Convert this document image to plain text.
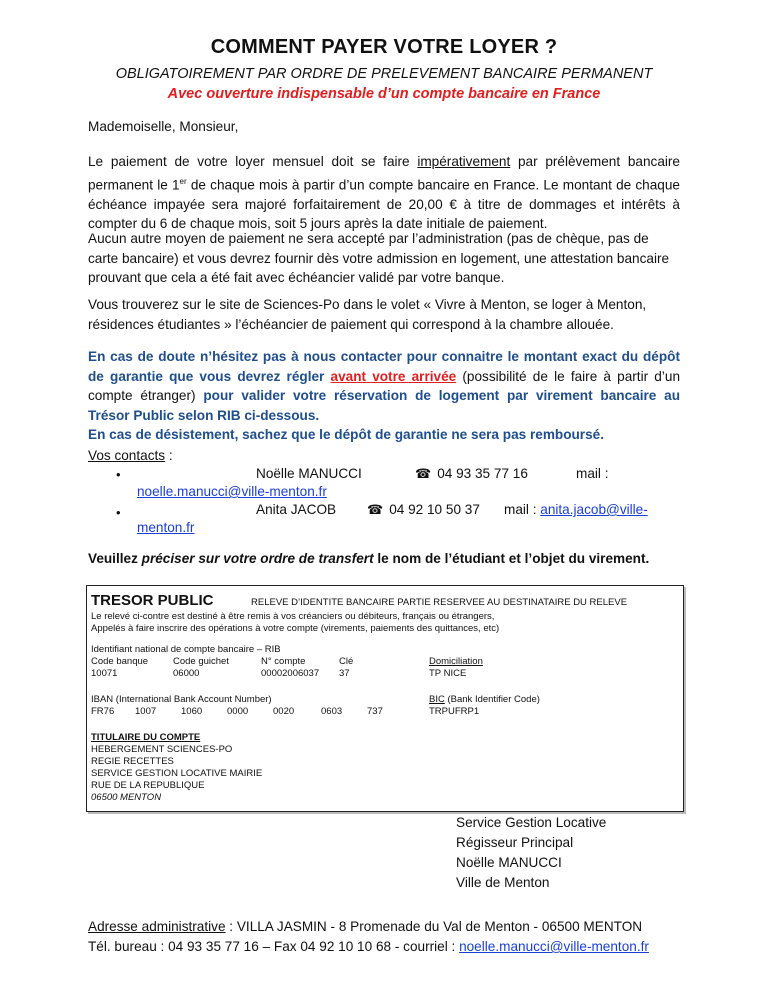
COMMENT PAYER VOTRE LOYER ?
OBLIGATOIREMENT PAR ORDRE DE PRELEVEMENT BANCAIRE PERMANENT
Avec ouverture indispensable d’un compte bancaire en France
Mademoiselle, Monsieur,
Le paiement de votre loyer mensuel doit se faire impérativement par prélèvement bancaire permanent le 1er de chaque mois à partir d’un compte bancaire en France. Le montant de chaque échéance impayée sera majoré forfaitairement de 20,00 € à titre de dommages et intérêts à compter du 6 de chaque mois, soit 5 jours après la date initiale de paiement.
Aucun autre moyen de paiement ne sera accepté par l’administration (pas de chèque, pas de carte bancaire) et vous devrez fournir dès votre admission en logement, une attestation bancaire prouvant que cela a été fait avec échéancier validé par votre banque.
Vous trouverez sur le site de Sciences-Po dans le volet « Vivre à Menton, se loger à Menton, résidences étudiantes » l’échéancier de paiement qui correspond à la chambre allouée.
En cas de doute n’hésitez pas à nous contacter pour connaitre le montant exact du dépôt de garantie que vous devrez régler avant votre arrivée (possibilité de le faire à partir d’un compte étranger) pour valider votre réservation de logement par virement bancaire au Trésor Public selon RIB ci-dessous.
En cas de désistement, sachez que le dépôt de garantie ne sera pas remboursé.
Vos contacts :
•	Noëlle MANUCCI	☎ 04 93 35 77 16	mail :
noelle.manucci@ville-menton.fr
•	Anita JACOB ☎ 04 92 10 50 37 mail : anita.jacob@ville-
menton.fr
Veuillez préciser sur votre ordre de transfert le nom de l’étudiant et l’objet du virement.
TRESOR PUBLIC	RELEVE D’IDENTITE BANCAIRE PARTIE RESERVEE AU DESTINATAIRE DU RELEVE
Le relevé ci-contre est destiné à être remis à vos créanciers ou débiteurs, français ou étrangers,
Appelés à faire inscrire des opérations à votre compte (virements, paiements des quittances, etc)
Identifiant national de compte bancaire – RIB
Code banque	Code guichet	N° compte	Clé	Domiciliation
10071	06000	00002006037 37	TP NICE
IBAN (International Bank Account Number)
FR76 1007	1060	0000	0020	0603	737
BIC (Bank Identifier Code)
TRPUFRP1
TITULAIRE DU COMPTE
HEBERGEMENT SCIENCES-PO
REGIE RECETTES
SERVICE GESTION LOCATIVE MAIRIE
RUE DE LA REPUBLIQUE
06500 MENTON
Service Gestion Locative
Régisseur Principal
Noëlle MANUCCI
Ville de Menton
Adresse administrative : VILLA JASMIN - 8 Promenade du Val de Menton - 06500 MENTON
Tél. bureau : 04 93 35 77 16 – Fax 04 92 10 10 68 - courriel : noelle.manucci@ville-menton.fr
